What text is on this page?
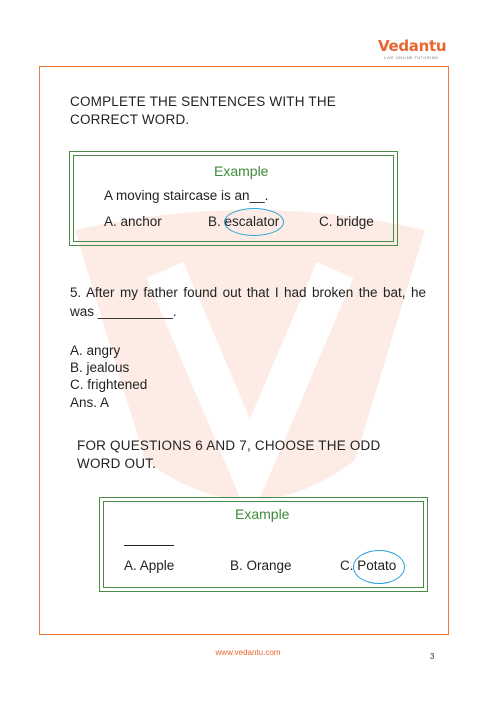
Vedantu
LIVE ONLINE TUTORING
COMPLETE THE SENTENCES WITH THE
CORRECT WORD.
Example
A moving staircase is an__.
A. anchor	B. escalator	C. bridge
5. After my father found out that I had broken the bat, he was __________.
A. angry
B. jealous
C. frightened
Ans. A
FOR QUESTIONS 6 AND 7, CHOOSE THE ODD
WORD OUT.
Example
A. Apple	B. Orange	C. Potato
www.vedantu.com	3
